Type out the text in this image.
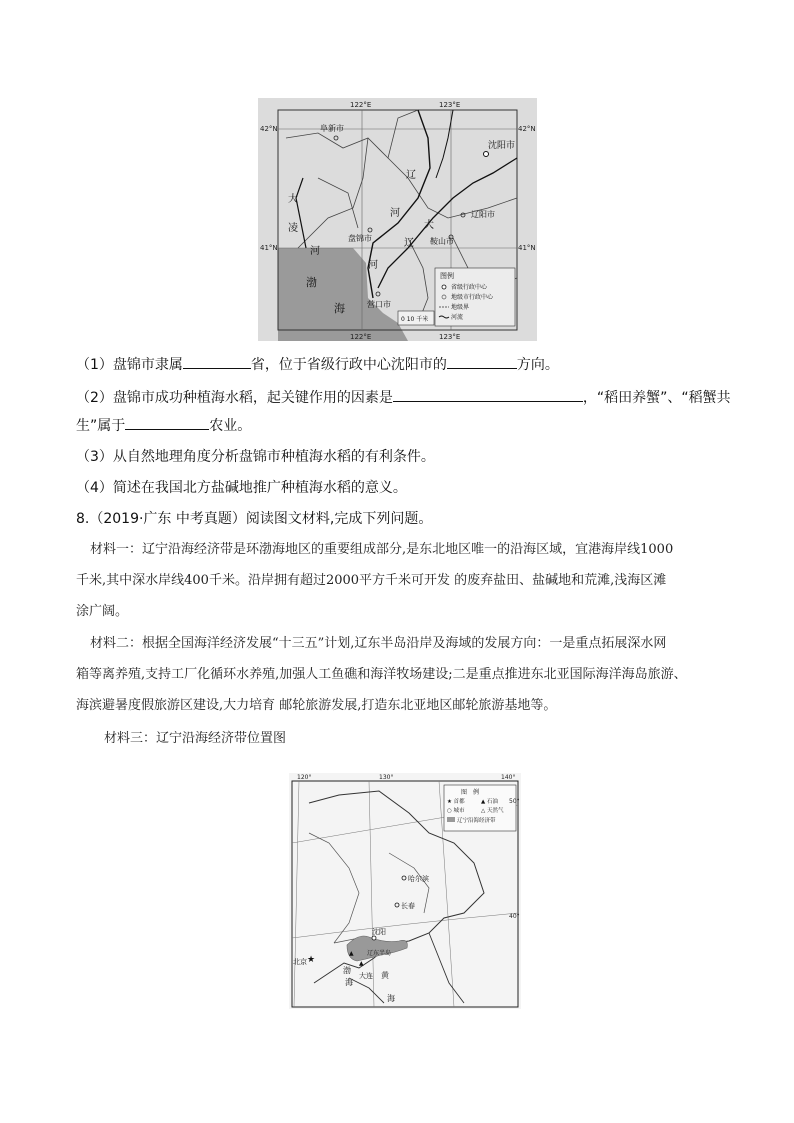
122°E	123°E
122°E	123°E
42°N	42°N
41°N	41°N
阜新市
沈阳市
辽阳市
鞍山市
盘锦市
营口市
大
凌
河
辽
河
大
辽
河
渤
海
0 10 千米
图例
省级行政中心
地级市行政中心
地级界
河流
（1）盘锦市隶属	省，位于省级行政中心沈阳市的	方向。
（2）盘锦市成功种植海水稻，起关键作用的因素是	，“稻田养蟹”、“稻蟹共
生”属于	农业。
（3）从自然地理角度分析盘锦市种植海水稻的有利条件。
（4）简述在我国北方盐碱地推广种植海水稻的意义。
8.（2019·广东 中考真题）阅读图文材料,完成下列问题。
材料一：辽宁沿海经济带是环渤海地区的重要组成部分,是东北地区唯一的沿海区域，宜港海岸线1000
千米,其中深水岸线400千米。沿岸拥有超过2000平方千米可开发 的废弃盐田、盐碱地和荒滩,浅海区滩
涂广阔。
材料二：根据全国海洋经济发展“十三五”计划,辽东半岛沿岸及海域的发展方向：一是重点拓展深水网
箱等离养殖,支持工厂化循环水养殖,加强人工鱼礁和海洋牧场建设;二是重点推进东北亚国际海洋海岛旅游、
海滨避暑度假旅游区建设,大力培育 邮轮旅游发展,打造东北亚地区邮轮旅游基地等。
材料三：辽宁沿海经济带位置图
图　例
★ 首都	▲ 石油
○ 城市	△ 天然气
辽宁沿海经济带
120°	130°	140°
50°
40°
哈尔滨
长春
沈阳
★
北京
▲
▲
辽东半岛
大连
渤
海
黄
海
